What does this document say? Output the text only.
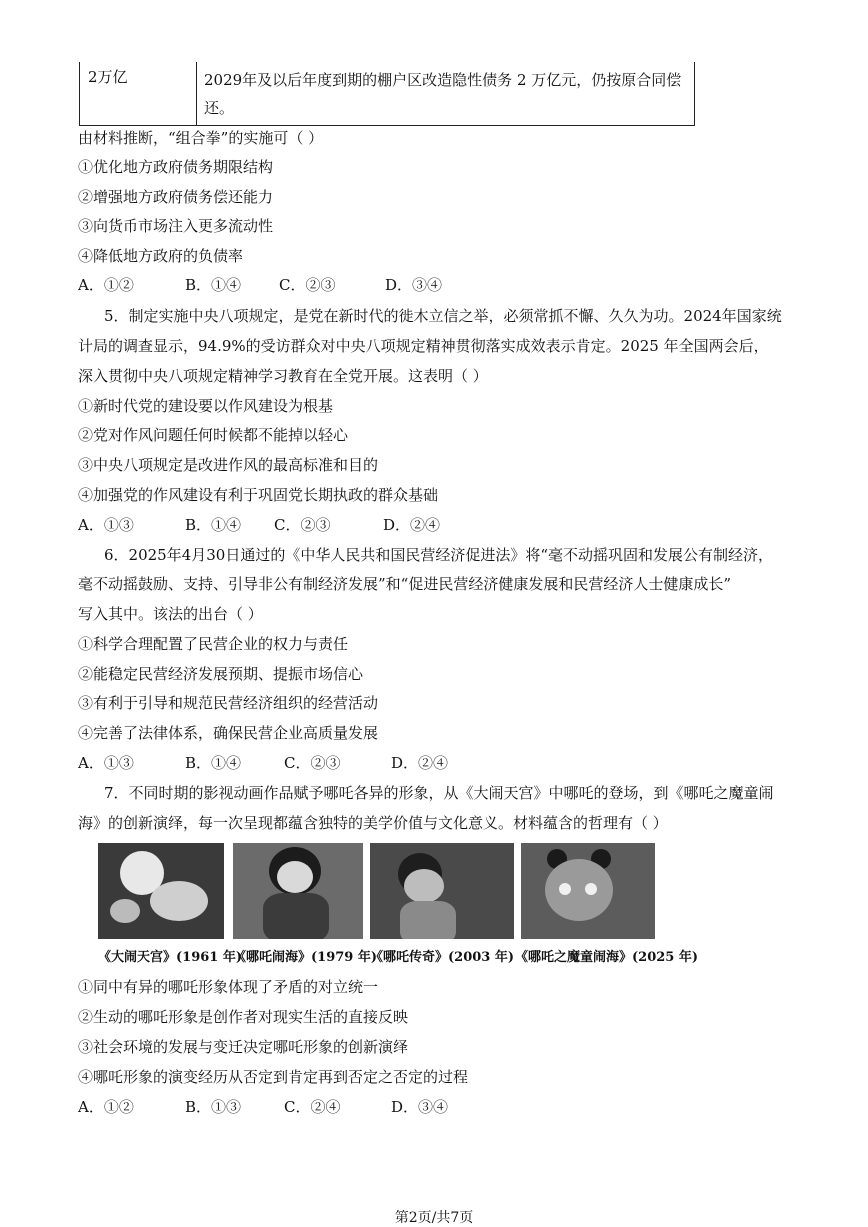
2万亿	2029年及以后年度到期的棚户区改造隐性债务 2 万亿元，仍按原合同偿还。
由材料推断，“组合拳”的实施可（ ）
①优化地方政府债务期限结构
②增强地方政府债务偿还能力
③向货币市场注入更多流动性
④降低地方政府的负债率
A．①②	B．①④	C．②③	D．③④
5．制定实施中央八项规定，是党在新时代的徙木立信之举，必须常抓不懈、久久为功。2024年国家统
计局的调查显示，94.9%的受访群众对中央八项规定精神贯彻落实成效表示肯定。2025 年全国两会后，
深入贯彻中央八项规定精神学习教育在全党开展。这表明（ ）
①新时代党的建设要以作风建设为根基
②党对作风问题任何时候都不能掉以轻心
③中央八项规定是改进作风的最高标准和目的
④加强党的作风建设有利于巩固党长期执政的群众基础
A．①③	B．①④ C．②③	D．②④
6．2025年4月30日通过的《中华人民共和国民营经济促进法》将“毫不动摇巩固和发展公有制经济，
毫不动摇鼓励、支持、引导非公有制经济发展”和“促进民营经济健康发展和民营经济人士健康成长”
写入其中。该法的出台（ ）
①科学合理配置了民营企业的权力与责任
②能稳定民营经济发展预期、提振市场信心
③有利于引导和规范民营经济组织的经营活动
④完善了法律体系，确保民营企业高质量发展
A．①③	B．①④	C．②③	D．②④
7．不同时期的影视动画作品赋予哪吒各异的形象，从《大闹天宫》中哪吒的登场，到《哪吒之魔童闹
海》的创新演绎，每一次呈现都蕴含独特的美学价值与文化意义。材料蕴含的哲理有（ ）
《大闹天宫》(1961 年)
《哪吒闹海》(1979 年)
《哪吒传奇》(2003 年) 《哪吒之魔童闹海》(2025 年)
①同中有异的哪吒形象体现了矛盾的对立统一
②生动的哪吒形象是创作者对现实生活的直接反映
③社会环境的发展与变迁决定哪吒形象的创新演绎
④哪吒形象的演变经历从否定到肯定再到否定之否定的过程
A．①②	B．①③	C．②④	D．③④
第2页/共7页
